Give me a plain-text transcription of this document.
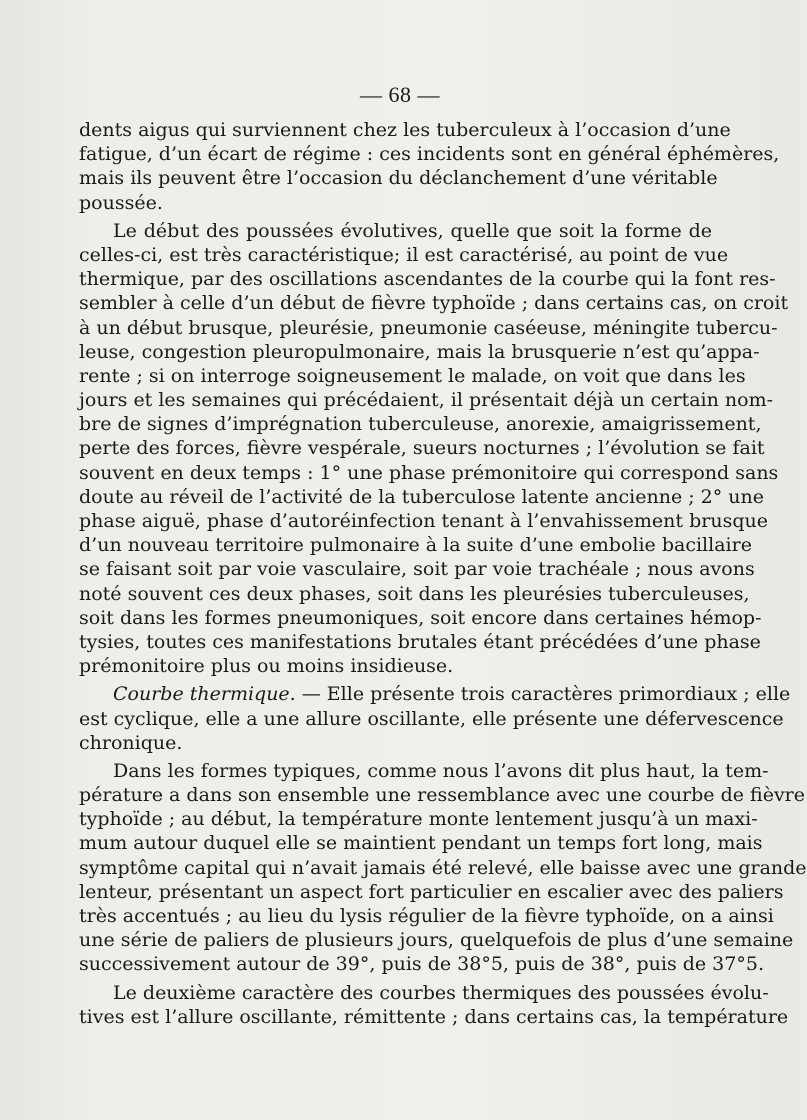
— 68 —
dents aigus qui surviennent chez les tuberculeux à l’occasion d’une
fatigue, d’un écart de régime : ces incidents sont en général éphémères,
mais ils peuvent être l’occasion du déclanchement d’une véritable
poussée.
Le début des poussées évolutives, quelle que soit la forme de
celles-ci, est très caractéristique; il est caractérisé, au point de vue
thermique, par des oscillations ascendantes de la courbe qui la font res-
sembler à celle d’un début de fièvre typhoïde ; dans certains cas, on croit
à un début brusque, pleurésie, pneumonie caséeuse, méningite tubercu-
leuse, congestion pleuropulmonaire, mais la brusquerie n’est qu’appa-
rente ; si on interroge soigneusement le malade, on voit que dans les
jours et les semaines qui précédaient, il présentait déjà un certain nom-
bre de signes d’imprégnation tuberculeuse, anorexie, amaigrissement,
perte des forces, fièvre vespérale, sueurs nocturnes ; l’évolution se fait
souvent en deux temps : 1° une phase prémonitoire qui correspond sans
doute au réveil de l’activité de la tuberculose latente ancienne ; 2° une
phase aiguë, phase d’autoréinfection tenant à l’envahissement brusque
d’un nouveau territoire pulmonaire à la suite d’une embolie bacillaire
se faisant soit par voie vasculaire, soit par voie trachéale ; nous avons
noté souvent ces deux phases, soit dans les pleurésies tuberculeuses,
soit dans les formes pneumoniques, soit encore dans certaines hémop-
tysies, toutes ces manifestations brutales étant précédées d’une phase
prémonitoire plus ou moins insidieuse.
Courbe thermique. — Elle présente trois caractères primordiaux ; elle
est cyclique, elle a une allure oscillante, elle présente une défervescence
chronique.
Dans les formes typiques, comme nous l’avons dit plus haut, la tem-
pérature a dans son ensemble une ressemblance avec une courbe de fièvre
typhoïde ; au début, la température monte lentement jusqu’à un maxi-
mum autour duquel elle se maintient pendant un temps fort long, mais
symptôme capital qui n’avait jamais été relevé, elle baisse avec une grande
lenteur, présentant un aspect fort particulier en escalier avec des paliers
très accentués ; au lieu du lysis régulier de la fièvre typhoïde, on a ainsi
une série de paliers de plusieurs jours, quelquefois de plus d’une semaine
successivement autour de 39°, puis de 38°5, puis de 38°, puis de 37°5.
Le deuxième caractère des courbes thermiques des poussées évolu-
tives est l’allure oscillante, rémittente ; dans certains cas, la température
